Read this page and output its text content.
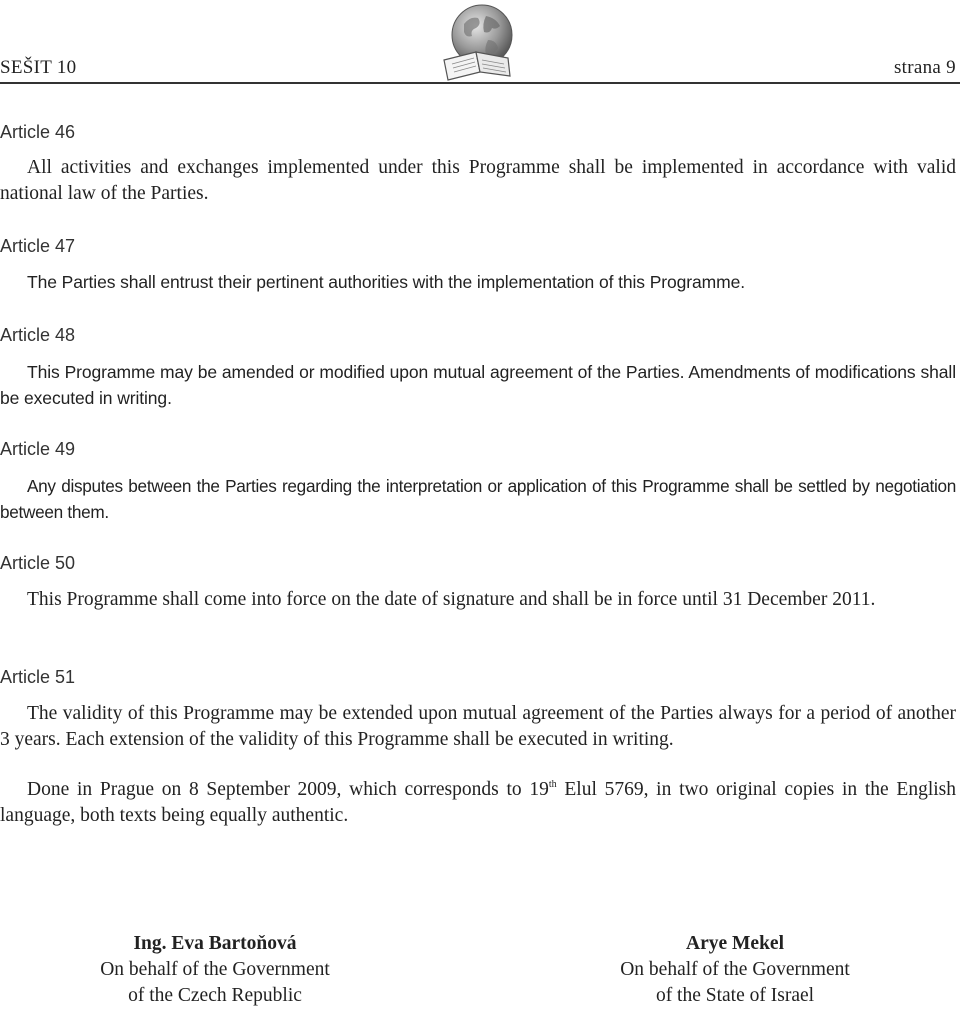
SEŠIT 10	strana 9
Article 46
All activities and exchanges implemented under this Programme shall be implemented in accordance with valid national law of the Parties.
Article 47
The Parties shall entrust their pertinent authorities with the implementation of this Programme.
Article 48
This Programme may be amended or modified upon mutual agreement of the Parties. Amendments of modifications shall be executed in writing.
Article 49
Any disputes between the Parties regarding the interpretation or application of this Programme shall be settled by negotiation between them.
Article 50
This Programme shall come into force on the date of signature and shall be in force until 31 December 2011.
Article 51
The validity of this Programme may be extended upon mutual agreement of the Parties always for a period of another 3 years. Each extension of the validity of this Programme shall be executed in writing.
Done in Prague on 8 September 2009, which corresponds to 19th Elul 5769, in two original copies in the English language, both texts being equally authentic.
Ing. Eva Bartoňová
On behalf of the Government
of the Czech Republic
Arye Mekel
On behalf of the Government
of the State of Israel
